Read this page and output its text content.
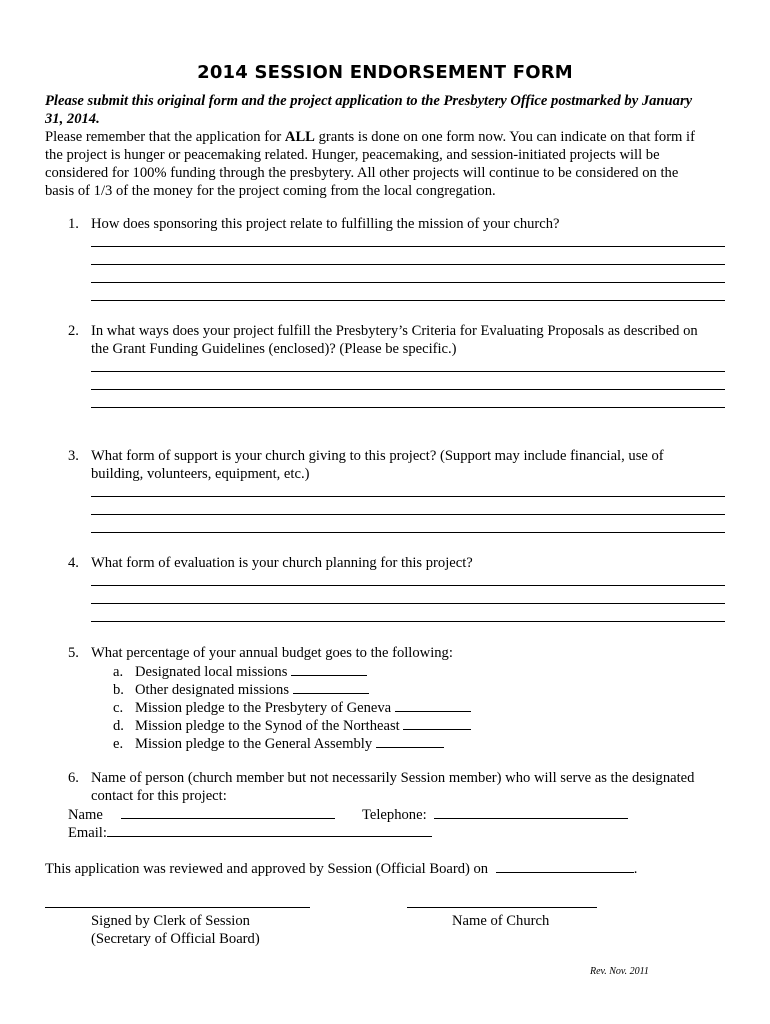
2014 SESSION ENDORSEMENT FORM
Please submit this original form and the project application to the Presbytery Office postmarked by January
31, 2014.
Please remember that the application for ALL grants is done on one form now. You can indicate on that form if
the project is hunger or peacemaking related. Hunger, peacemaking, and session-initiated projects will be
considered for 100% funding through the presbytery. All other projects will continue to be considered on the
basis of 1/3 of the money for the project coming from the local congregation.
1. How does sponsoring this project relate to fulfilling the mission of your church?
2. In what ways does your project fulfill the Presbytery’s Criteria for Evaluating Proposals as described on
the Grant Funding Guidelines (enclosed)? (Please be specific.)
3. What form of support is your church giving to this project? (Support may include financial, use of
building, volunteers, equipment, etc.)
4. What form of evaluation is your church planning for this project?
5. What percentage of your annual budget goes to the following:
a. Designated local missions
b. Other designated missions
c. Mission pledge to the Presbytery of Geneva
d. Mission pledge to the Synod of the Northeast
e. Mission pledge to the General Assembly
6. Name of person (church member but not necessarily Session member) who will serve as the designated
contact for this project:
Name	Telephone:
Email:
This application was reviewed and approved by Session (Official Board) on	.
Signed by Clerk of Session
(Secretary of Official Board)
Name of Church
Rev. Nov. 2011
